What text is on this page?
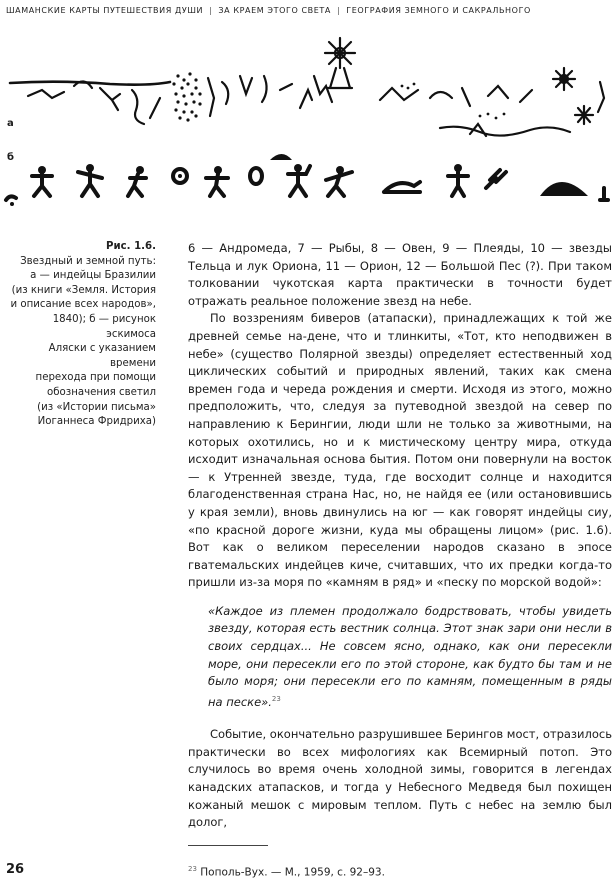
ШАМАНСКИЕ КАРТЫ ПУТЕШЕСТВИЯ ДУШИ | ЗА КРАЕМ ЭТОГО СВЕТА | ГЕОГРАФИЯ ЗЕМНОГО И САКРАЛЬНОГО
а
б
Рис. 1.6.
Звездный и земной путь:
а — индейцы Бразилии
(из книги «Земля. История
и описание всех народов»,
1840); б — рисунок эскимоса
Аляски с указанием времени
перехода при помощи
обозначения светил
(из «Истории письма»
Иоганнеса Фридриха)

6 — Андромеда, 7 — Рыбы, 8 — Овен, 9 — Плеяды, 10 — звезды Тельца и лук Ориона, 11 — Орион, 12 — Большой Пес (?). При таком толковании чукотская карта практически в точности будет отражать реальное положение звезд на небе.

По воззрениям биверов (атапаски), принадлежащих к той же древней семье на-дене, что и тлинкиты, «Тот, кто неподвижен в небе» (существо Полярной звезды) определяет естественный ход циклических событий и природных явлений, таких как смена времен года и череда рождения и смерти. Исходя из этого, можно предположить, что, следуя за путеводной звездой на север по направлению к Берингии, люди шли не только за животными, на которых охотились, но и к мистическому центру мира, откуда исходит изначальная основа бытия. Потом они повернули на восток — к Утренней звезде, туда, где восходит солнце и находится благоденственная страна Нас, но, не найдя ее (или остановившись у края земли), вновь двинулись на юг — как говорят индейцы сиу, «по красной дороге жизни, куда мы обращены лицом» (рис. 1.6). Вот как о великом переселении народов сказано в эпосе гватемальских индейцев киче, считавших, что их предки когда-то пришли из-за моря по «камням в ряд» и «песку по морской водой»:

«Каждое из племен продолжало бодрствовать, чтобы увидеть звезду, которая есть вестник солнца. Этот знак зари они несли в своих сердцах... Не совсем ясно, однако, как они пересекли море, они пересекли его по этой стороне, как будто бы там и не было моря; они пересекли его по камням, помещенным в ряды на песке».$^{23}$

Событие, окончательно разрушившее Берингов мост, отразилось практически во всех мифологиях как Всемирный потоп. Это случилось во время очень холодной зимы, говорится в легендах канадских атапасков, и тогда у Небесного Медведя был похищен кожаный мешок с мировым теплом. Путь с небес на землю был долог,

$^{23}$ Пополь-Вух. — М., 1959, с. 92–93.
26
